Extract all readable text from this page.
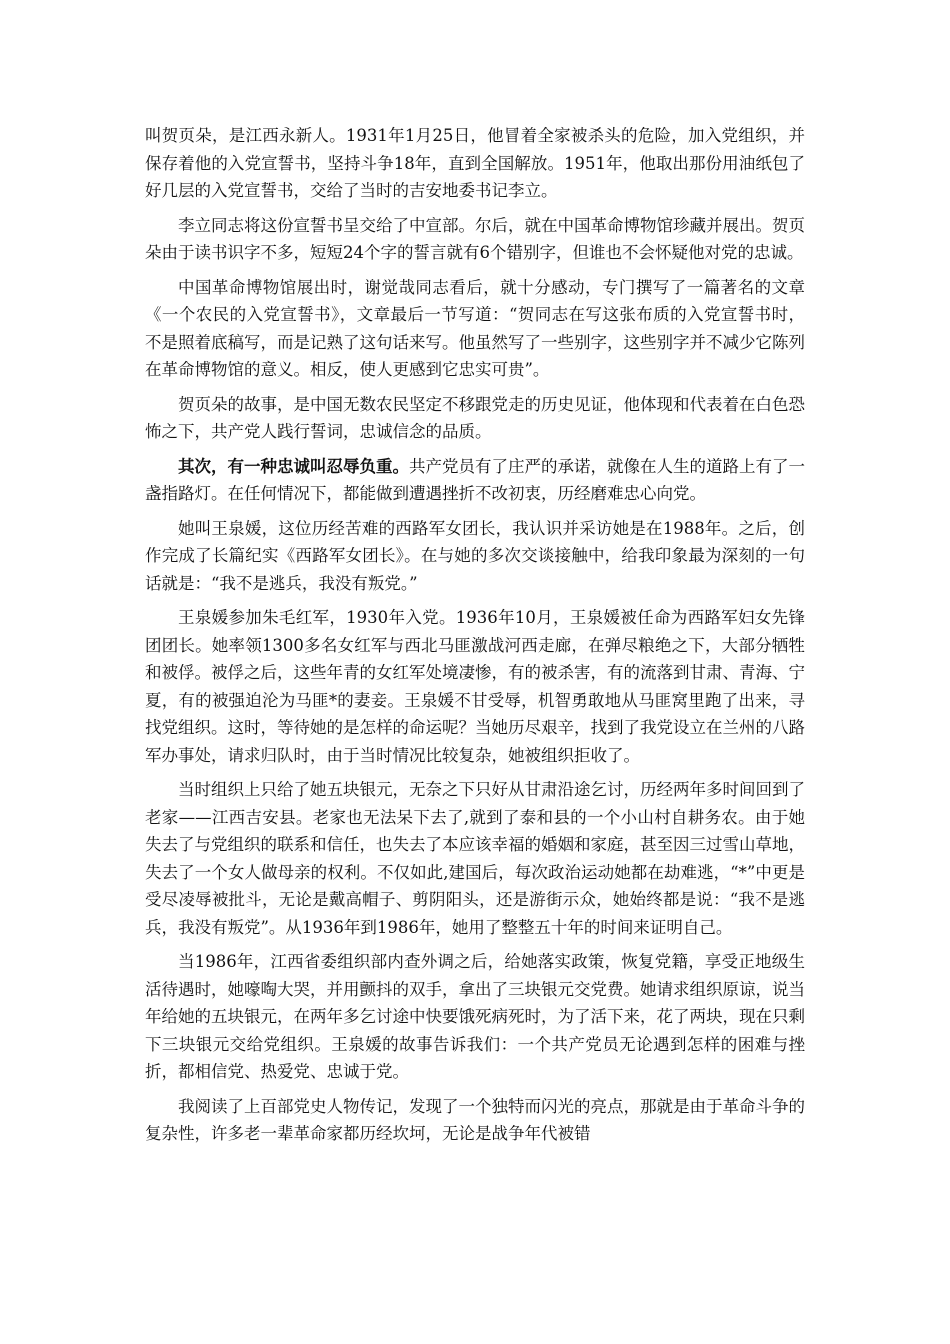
叫贺页朵，是江西永新人。1931年1月25日，他冒着全家被杀头的危险，加入党组织，并保存着他的入党宣誓书，坚持斗争18年，直到全国解放。1951年，他取出那份用油纸包了好几层的入党宣誓书，交给了当时的吉安地委书记李立。

李立同志将这份宣誓书呈交给了中宣部。尔后，就在中国革命博物馆珍藏并展出。贺页朵由于读书识字不多，短短24个字的誓言就有6个错别字，但谁也不会怀疑他对党的忠诚。

中国革命博物馆展出时，谢觉哉同志看后，就十分感动，专门撰写了一篇著名的文章《一个农民的入党宣誓书》，文章最后一节写道：“贺同志在写这张布质的入党宣誓书时，不是照着底稿写，而是记熟了这句话来写。他虽然写了一些别字，这些别字并不减少它陈列在革命博物馆的意义。相反，使人更感到它忠实可贵”。

贺页朵的故事，是中国无数农民坚定不移跟党走的历史见证，他体现和代表着在白色恐怖之下，共产党人践行誓词，忠诚信念的品质。

其次，有一种忠诚叫忍辱负重。共产党员有了庄严的承诺，就像在人生的道路上有了一盏指路灯。在任何情况下，都能做到遭遇挫折不改初衷，历经磨难忠心向党。

她叫王泉媛，这位历经苦难的西路军女团长，我认识并采访她是在1988年。之后，创作完成了长篇纪实《西路军女团长》。在与她的多次交谈接触中，给我印象最为深刻的一句话就是：“我不是逃兵，我没有叛党。”

王泉媛参加朱毛红军，1930年入党。1936年10月，王泉媛被任命为西路军妇女先锋团团长。她率领1300多名女红军与西北马匪激战河西走廊，在弹尽粮绝之下，大部分牺牲和被俘。被俘之后，这些年青的女红军处境凄惨，有的被杀害，有的流落到甘肃、青海、宁夏，有的被强迫沦为马匪*的妻妾。王泉媛不甘受辱，机智勇敢地从马匪窝里跑了出来，寻找党组织。这时，等待她的是怎样的命运呢？当她历尽艰辛，找到了我党设立在兰州的八路军办事处，请求归队时，由于当时情况比较复杂，她被组织拒收了。

当时组织上只给了她五块银元，无奈之下只好从甘肃沿途乞讨，历经两年多时间回到了老家——江西吉安县。老家也无法呆下去了,就到了泰和县的一个小山村自耕务农。由于她失去了与党组织的联系和信任，也失去了本应该幸福的婚姻和家庭，甚至因三过雪山草地，失去了一个女人做母亲的权利。不仅如此,建国后，每次政治运动她都在劫难逃，“*”中更是受尽凌辱被批斗，无论是戴高帽子、剪阴阳头，还是游街示众，她始终都是说：“我不是逃兵，我没有叛党”。从1936年到1986年，她用了整整五十年的时间来证明自己。

当1986年，江西省委组织部内查外调之后，给她落实政策，恢复党籍，享受正地级生活待遇时，她嚎啕大哭，并用颤抖的双手，拿出了三块银元交党费。她请求组织原谅，说当年给她的五块银元，在两年多乞讨途中快要饿死病死时，为了活下来，花了两块，现在只剩下三块银元交给党组织。王泉媛的故事告诉我们：一个共产党员无论遇到怎样的困难与挫折，都相信党、热爱党、忠诚于党。

我阅读了上百部党史人物传记，发现了一个独特而闪光的亮点，那就是由于革命斗争的复杂性，许多老一辈革命家都历经坎坷，无论是战争年代被错
